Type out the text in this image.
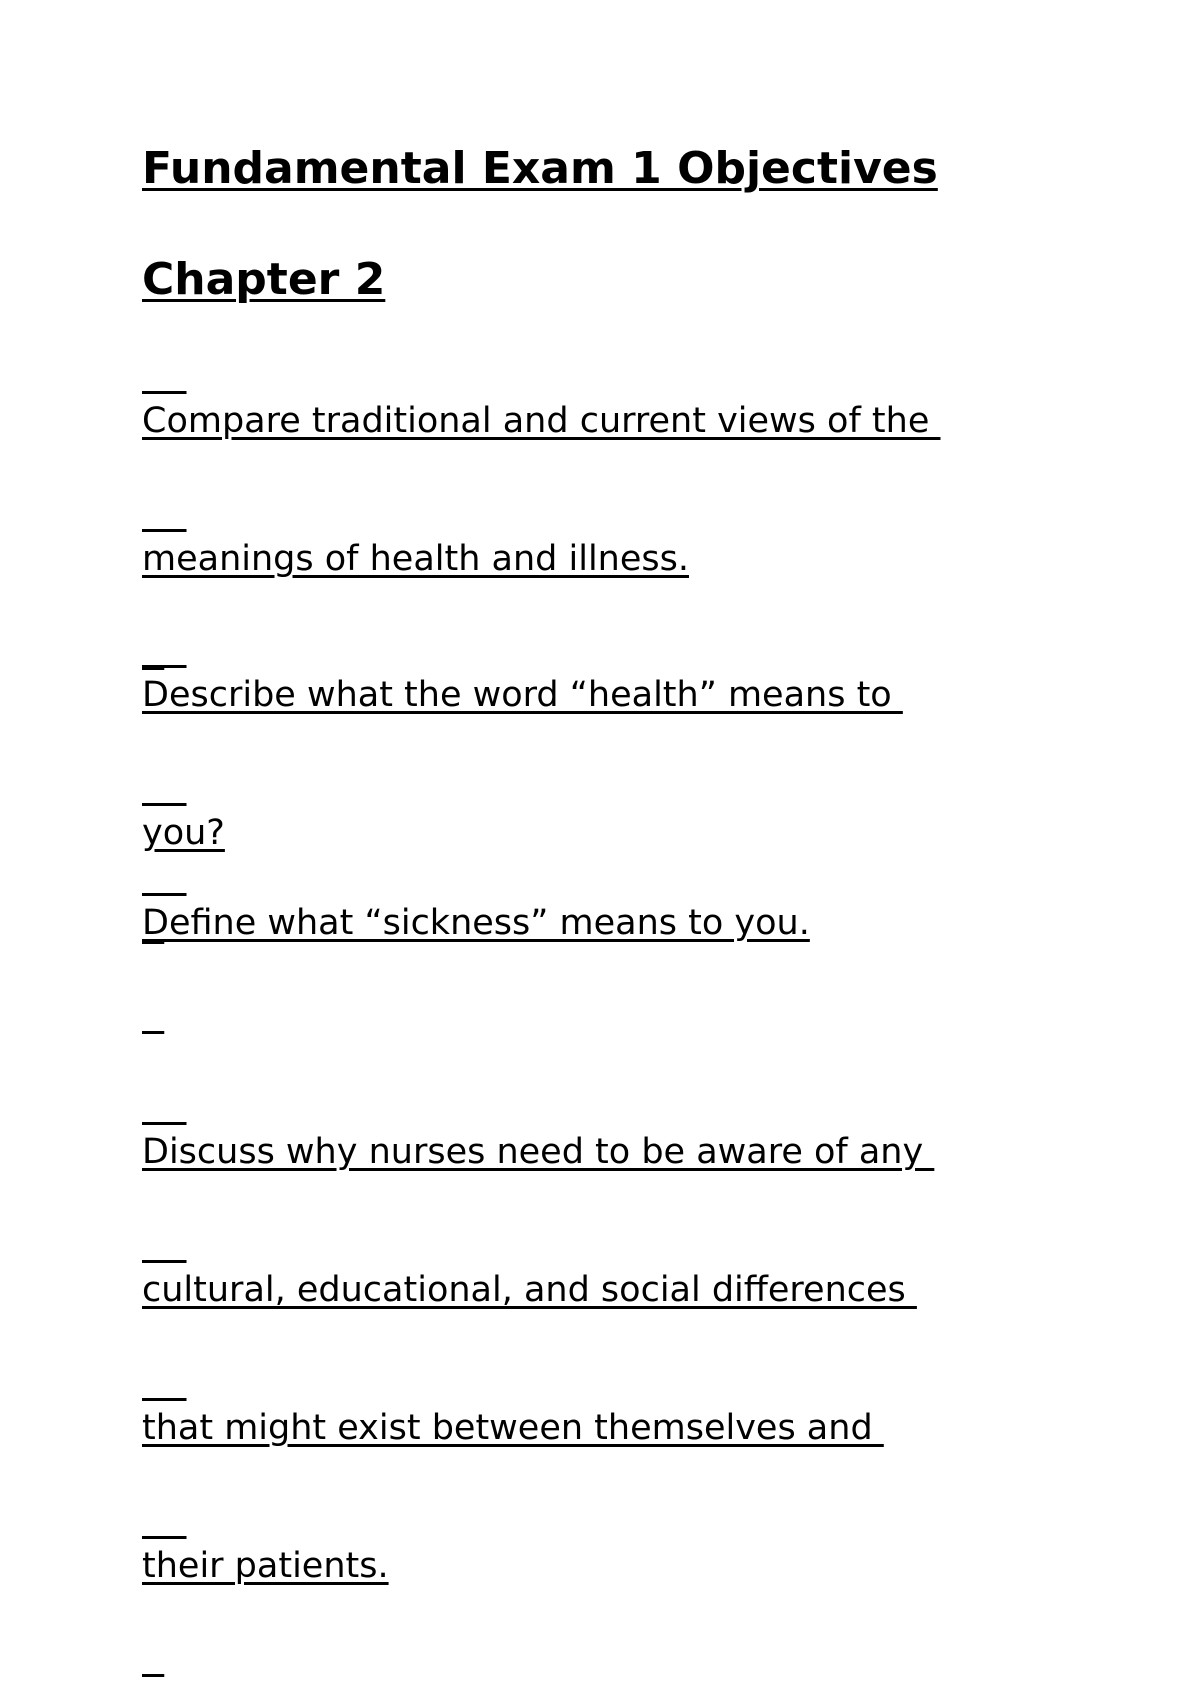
Fundamental Exam 1 Objectives
Chapter 2

Compare traditional and current views of the

meanings of health and illness.

Describe what the word “health” means to

you?

Define what “sickness” means to you.

Discuss why nurses need to be aware of any

cultural, educational, and social differences

that might exist between themselves and

their patients.
